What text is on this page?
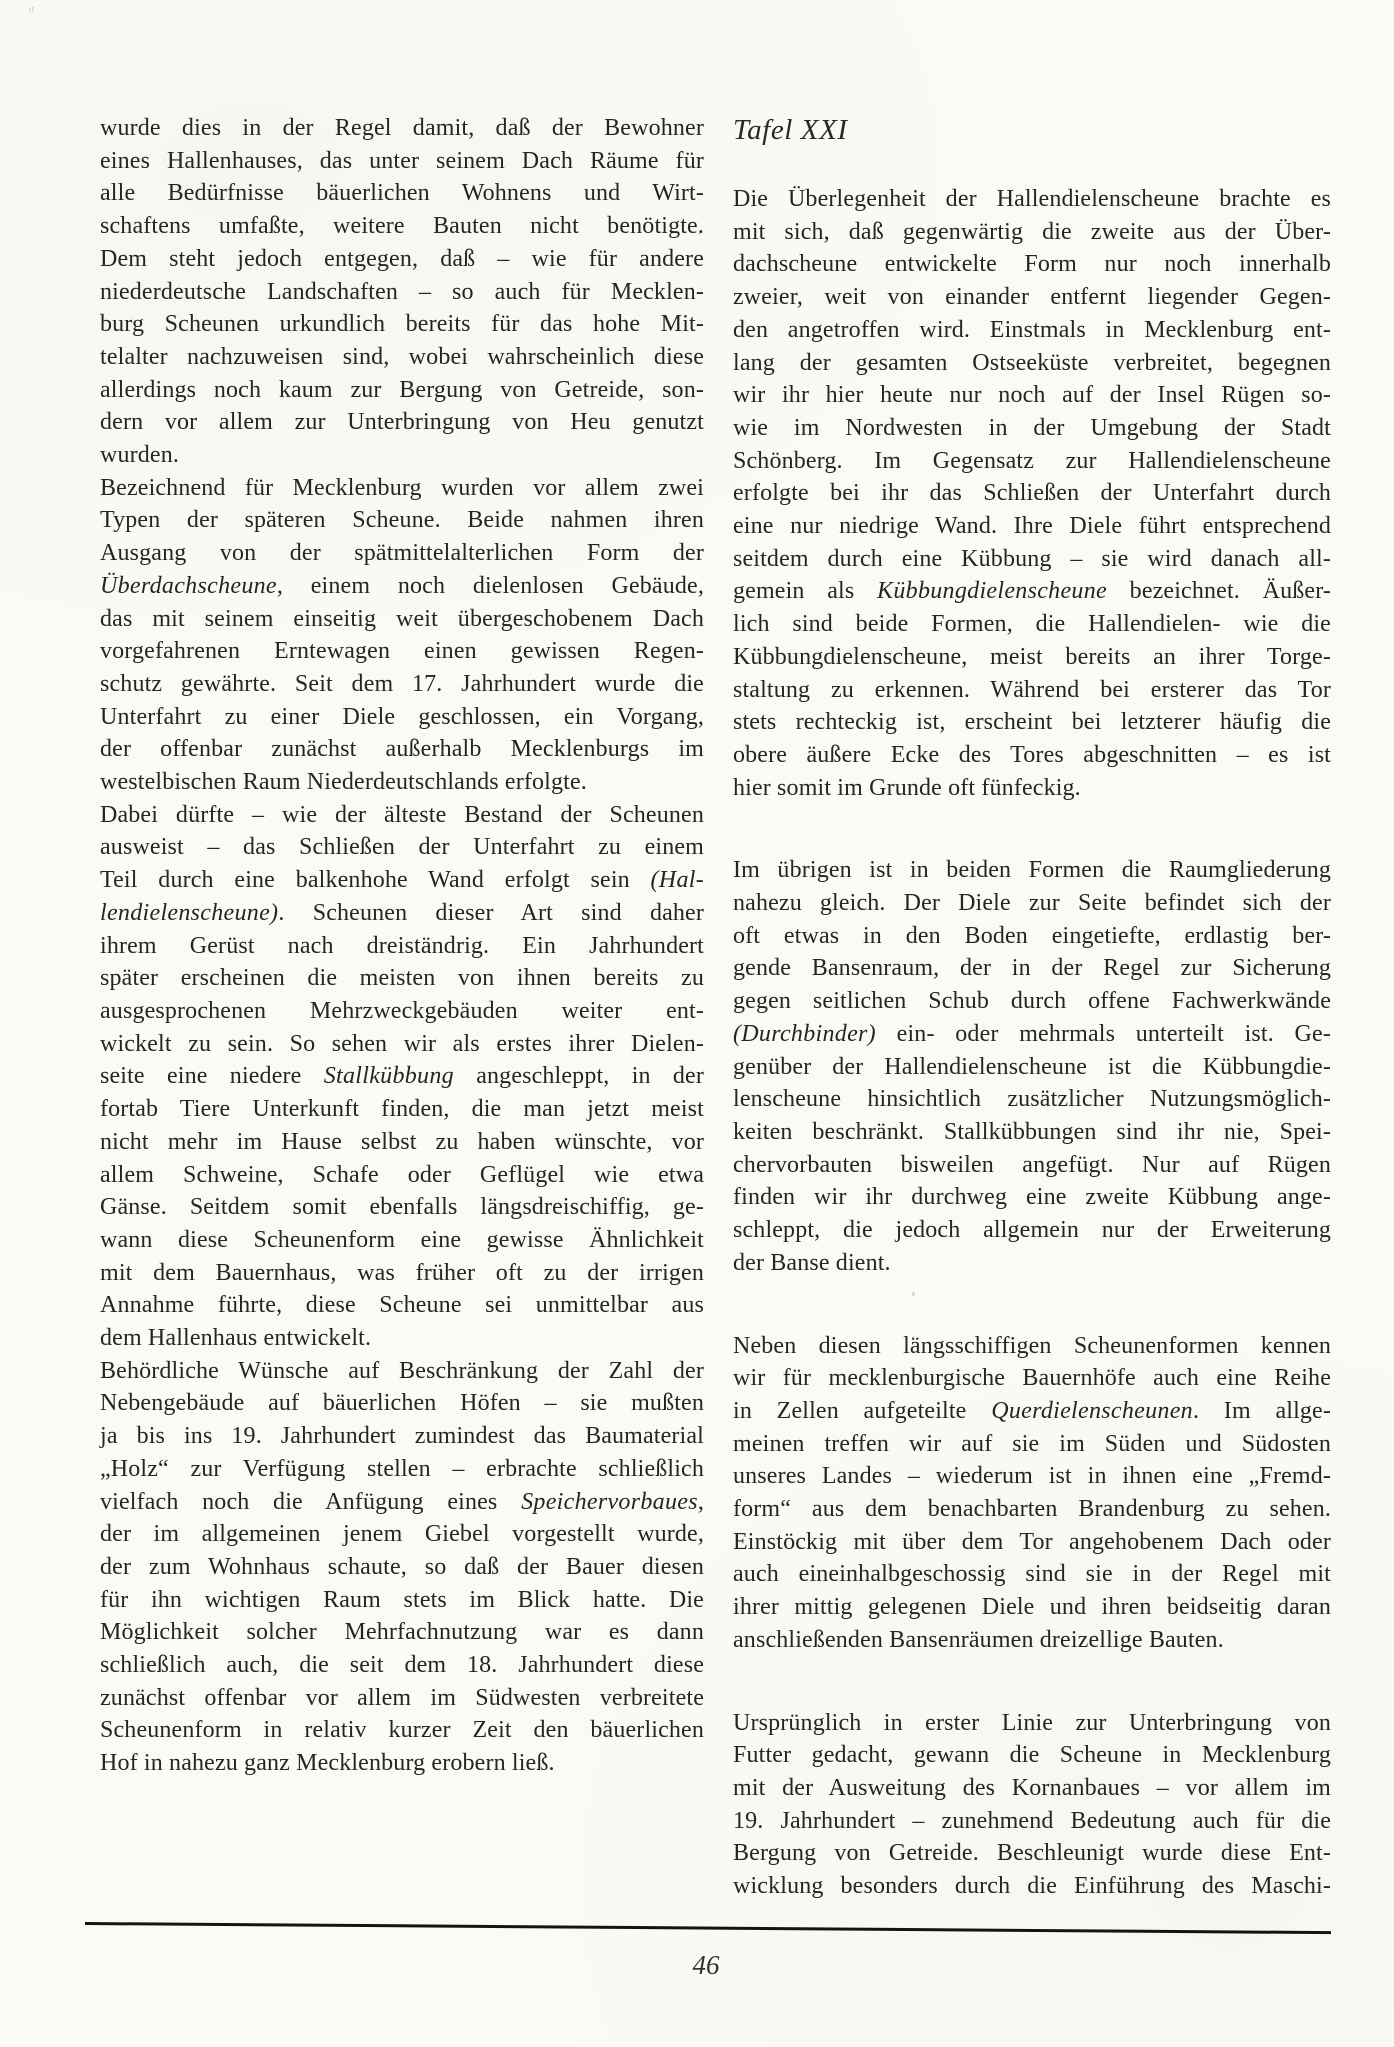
〃

wurde dies in der Regel damit, daß der Bewohner
eines Hallenhauses, das unter seinem Dach Räume für
alle Bedürfnisse bäuerlichen Wohnens und Wirt-
schaftens umfaßte, weitere Bauten nicht benötigte.
Dem steht jedoch entgegen, daß – wie für andere
niederdeutsche Landschaften – so auch für Mecklen-
burg Scheunen urkundlich bereits für das hohe Mit-
telalter nachzuweisen sind, wobei wahrscheinlich diese
allerdings noch kaum zur Bergung von Getreide, son-
dern vor allem zur Unterbringung von Heu genutzt
wurden.

Bezeichnend für Mecklenburg wurden vor allem zwei
Typen der späteren Scheune. Beide nahmen ihren
Ausgang von der spätmittelalterlichen Form der
Überdachscheune, einem noch dielenlosen Gebäude,
das mit seinem einseitig weit übergeschobenem Dach
vorgefahrenen Erntewagen einen gewissen Regen-
schutz gewährte. Seit dem 17. Jahrhundert wurde die
Unterfahrt zu einer Diele geschlossen, ein Vorgang,
der offenbar zunächst außerhalb Mecklenburgs im
westelbischen Raum Niederdeutschlands erfolgte.

Dabei dürfte – wie der älteste Bestand der Scheunen
ausweist – das Schließen der Unterfahrt zu einem
Teil durch eine balkenhohe Wand erfolgt sein (Hal-
lendielenscheune). Scheunen dieser Art sind daher
ihrem Gerüst nach dreiständrig. Ein Jahrhundert
später erscheinen die meisten von ihnen bereits zu
ausgesprochenen Mehrzweckgebäuden weiter ent-
wickelt zu sein. So sehen wir als erstes ihrer Dielen-
seite eine niedere Stallkübbung angeschleppt, in der
fortab Tiere Unterkunft finden, die man jetzt meist
nicht mehr im Hause selbst zu haben wünschte, vor
allem Schweine, Schafe oder Geflügel wie etwa
Gänse. Seitdem somit ebenfalls längsdreischiffig, ge-
wann diese Scheunenform eine gewisse Ähnlichkeit
mit dem Bauernhaus, was früher oft zu der irrigen
Annahme führte, diese Scheune sei unmittelbar aus
dem Hallenhaus entwickelt.

Behördliche Wünsche auf Beschränkung der Zahl der
Nebengebäude auf bäuerlichen Höfen – sie mußten
ja bis ins 19. Jahrhundert zumindest das Baumaterial
„Holz“ zur Verfügung stellen – erbrachte schließlich
vielfach noch die Anfügung eines Speichervorbaues,
der im allgemeinen jenem Giebel vorgestellt wurde,
der zum Wohnhaus schaute, so daß der Bauer diesen
für ihn wichtigen Raum stets im Blick hatte. Die
Möglichkeit solcher Mehrfachnutzung war es dann
schließlich auch, die seit dem 18. Jahrhundert diese
zunächst offenbar vor allem im Südwesten verbreitete
Scheunenform in relativ kurzer Zeit den bäuerlichen
Hof in nahezu ganz Mecklenburg erobern ließ.

Tafel XXI

Die Überlegenheit der Hallendielenscheune brachte es
mit sich, daß gegenwärtig die zweite aus der Über-
dachscheune entwickelte Form nur noch innerhalb
zweier, weit von einander entfernt liegender Gegen-
den angetroffen wird. Einstmals in Mecklenburg ent-
lang der gesamten Ostseeküste verbreitet, begegnen
wir ihr hier heute nur noch auf der Insel Rügen so-
wie im Nordwesten in der Umgebung der Stadt
Schönberg. Im Gegensatz zur Hallendielenscheune
erfolgte bei ihr das Schließen der Unterfahrt durch
eine nur niedrige Wand. Ihre Diele führt entsprechend
seitdem durch eine Kübbung – sie wird danach all-
gemein als Kübbungdielenscheune bezeichnet. Äußer-
lich sind beide Formen, die Hallendielen- wie die
Kübbungdielenscheune, meist bereits an ihrer Torge-
staltung zu erkennen. Während bei ersterer das Tor
stets rechteckig ist, erscheint bei letzterer häufig die
obere äußere Ecke des Tores abgeschnitten – es ist
hier somit im Grunde oft fünfeckig.

Im übrigen ist in beiden Formen die Raumgliederung
nahezu gleich. Der Diele zur Seite befindet sich der
oft etwas in den Boden eingetiefte, erdlastig ber-
gende Bansenraum, der in der Regel zur Sicherung
gegen seitlichen Schub durch offene Fachwerkwände
(Durchbinder) ein- oder mehrmals unterteilt ist. Ge-
genüber der Hallendielenscheune ist die Kübbungdie-
lenscheune hinsichtlich zusätzlicher Nutzungsmöglich-
keiten beschränkt. Stallkübbungen sind ihr nie, Spei-
chervorbauten bisweilen angefügt. Nur auf Rügen
finden wir ihr durchweg eine zweite Kübbung ange-
schleppt, die jedoch allgemein nur der Erweiterung
der Banse dient.

Neben diesen längsschiffigen Scheunenformen kennen
wir für mecklenburgische Bauernhöfe auch eine Reihe
in Zellen aufgeteilte Querdielenscheunen. Im allge-
meinen treffen wir auf sie im Süden und Südosten
unseres Landes – wiederum ist in ihnen eine „Fremd-
form“ aus dem benachbarten Brandenburg zu sehen.
Einstöckig mit über dem Tor angehobenem Dach oder
auch eineinhalbgeschossig sind sie in der Regel mit
ihrer mittig gelegenen Diele und ihren beidseitig daran
anschließenden Bansenräumen dreizellige Bauten.

Ursprünglich in erster Linie zur Unterbringung von
Futter gedacht, gewann die Scheune in Mecklenburg
mit der Ausweitung des Kornanbaues – vor allem im
19. Jahrhundert – zunehmend Bedeutung auch für die
Bergung von Getreide. Beschleunigt wurde diese Ent-
wicklung besonders durch die Einführung des Maschi-

46
